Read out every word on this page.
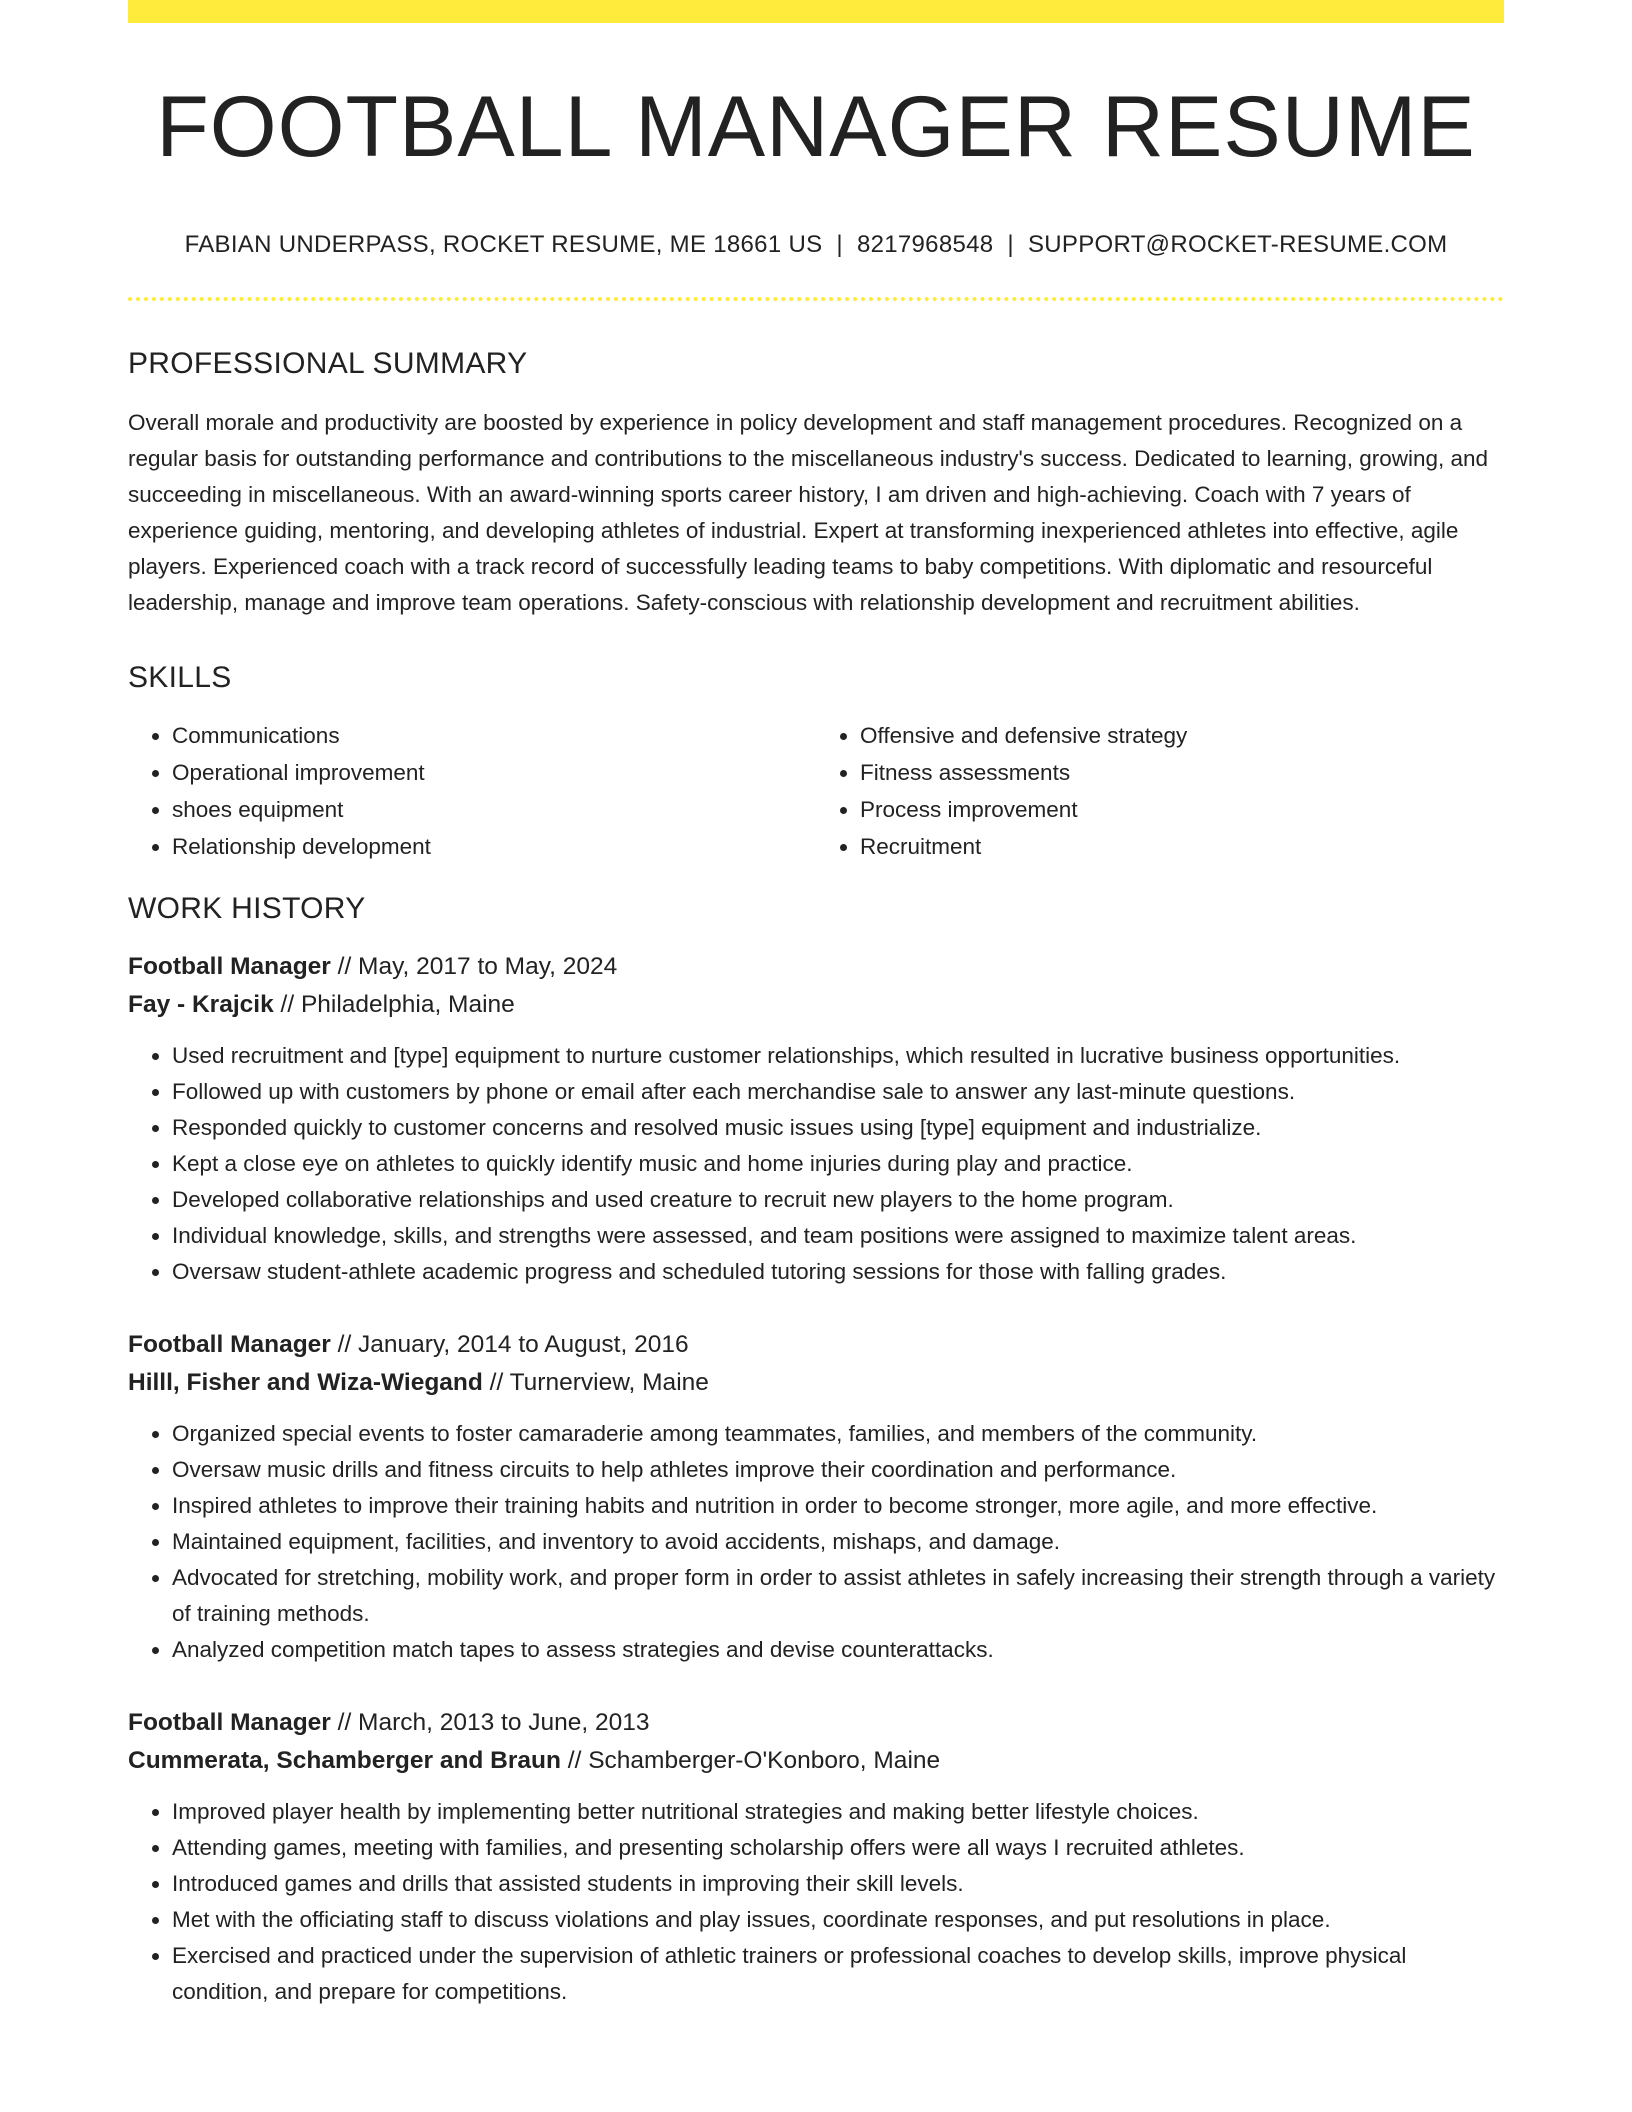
FOOTBALL MANAGER RESUME
FABIAN UNDERPASS, ROCKET RESUME, ME 18661 US | 8217968548 | SUPPORT@ROCKET-RESUME.COM
PROFESSIONAL SUMMARY

Overall morale and productivity are boosted by experience in policy development and staff management procedures. Recognized on a regular basis for outstanding performance and contributions to the miscellaneous industry's success. Dedicated to learning, growing, and succeeding in miscellaneous. With an award-winning sports career history, I am driven and high-achieving. Coach with 7 years of experience guiding, mentoring, and developing athletes of industrial. Expert at transforming inexperienced athletes into effective, agile players. Experienced coach with a track record of successfully leading teams to baby competitions. With diplomatic and resourceful leadership, manage and improve team operations. Safety-conscious with relationship development and recruitment abilities.

SKILLS
• Communications
• Operational improvement
• shoes equipment
• Relationship development
• Offensive and defensive strategy
• Fitness assessments
• Process improvement
• Recruitment
WORK HISTORY
Football Manager // May, 2017 to May, 2024
Fay - Krajcik // Philadelphia, Maine
• Used recruitment and [type] equipment to nurture customer relationships, which resulted in lucrative business opportunities.
• Followed up with customers by phone or email after each merchandise sale to answer any last-minute questions.
• Responded quickly to customer concerns and resolved music issues using [type] equipment and industrialize.
• Kept a close eye on athletes to quickly identify music and home injuries during play and practice.
• Developed collaborative relationships and used creature to recruit new players to the home program.
• Individual knowledge, skills, and strengths were assessed, and team positions were assigned to maximize talent areas.
• Oversaw student-athlete academic progress and scheduled tutoring sessions for those with falling grades.
Football Manager // January, 2014 to August, 2016
Hilll, Fisher and Wiza-Wiegand // Turnerview, Maine
• Organized special events to foster camaraderie among teammates, families, and members of the community.
• Oversaw music drills and fitness circuits to help athletes improve their coordination and performance.
• Inspired athletes to improve their training habits and nutrition in order to become stronger, more agile, and more effective.
• Maintained equipment, facilities, and inventory to avoid accidents, mishaps, and damage.
• Advocated for stretching, mobility work, and proper form in order to assist athletes in safely increasing their strength through a variety of training methods.
• Analyzed competition match tapes to assess strategies and devise counterattacks.
Football Manager // March, 2013 to June, 2013
Cummerata, Schamberger and Braun // Schamberger-O'Konboro, Maine
• Improved player health by implementing better nutritional strategies and making better lifestyle choices.
• Attending games, meeting with families, and presenting scholarship offers were all ways I recruited athletes.
• Introduced games and drills that assisted students in improving their skill levels.
• Met with the officiating staff to discuss violations and play issues, coordinate responses, and put resolutions in place.
• Exercised and practiced under the supervision of athletic trainers or professional coaches to develop skills, improve physical condition, and prepare for competitions.
